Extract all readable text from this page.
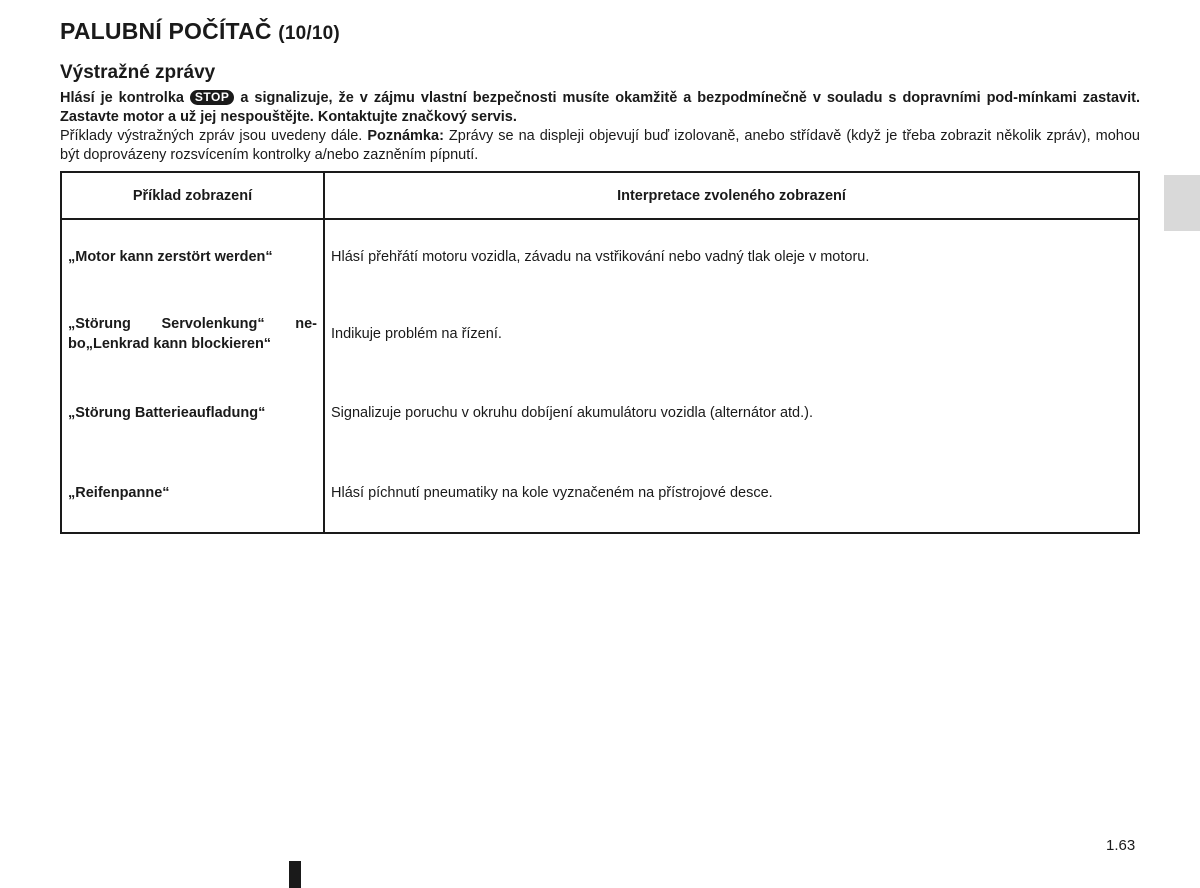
PALUBNÍ POČÍTAČ (10/10)
Výstražné zprávy

Hlásí je kontrolka STOP a signalizuje, že v zájmu vlastní bezpečnosti musíte okamžitě a bezpodmínečně v souladu s dopravními pod-mínkami zastavit. Zastavte motor a už jej nespouštějte. Kontaktujte značkový servis.

Příklady výstražných zpráv jsou uvedeny dále. Poznámka: Zprávy se na displeji objevují buď izolovaně, anebo střídavě (když je třeba zobrazit několik zpráv), mohou být doprovázeny rozsvícením kontrolky a/nebo zazněním pípnutí.

Příklad zobrazení	Interpretace zvoleného zobrazení
„Motor kann zerstört werden“	Hlásí přehřátí motoru vozidla, závadu na vstřikování nebo vadný tlak oleje v motoru.
„Störung Servolenkung“ ne-bo„Lenkrad kann blockieren“	Indikuje problém na řízení.
„Störung Batterieaufladung“	Signalizuje poruchu v okruhu dobíjení akumulátoru vozidla (alternátor atd.).
„Reifenpanne“	Hlásí píchnutí pneumatiky na kole vyznačeném na přístrojové desce.
1.63
